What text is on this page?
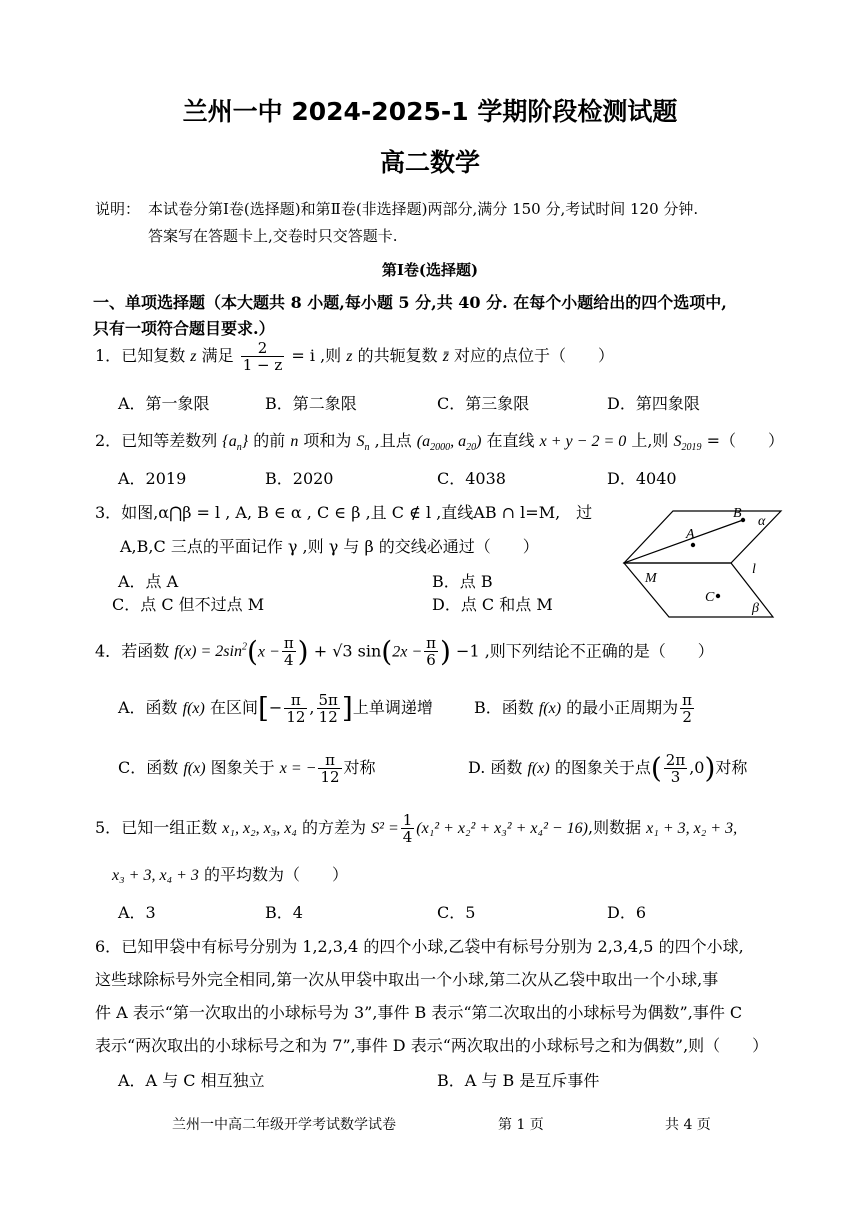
兰州一中 2024-2025-1 学期阶段检测试题
高二数学
说明： 本试卷分第Ⅰ卷(选择题)和第Ⅱ卷(非选择题)两部分,满分 150 分,考试时间 120 分钟.
答案写在答题卡上,交卷时只交答题卡.
第Ⅰ卷(选择题)
一、单项选择题（本大题共 8 小题,每小题 5 分,共 40 分. 在每个小题给出的四个选项中,
只有一项符合题目要求.）
1．已知复数 z 满足 $\frac{2}{1 - z} = i$ ,则 z 的共轭复数 z̄ 对应的点位于（　　）
A．第一象限	B．第二象限	C．第三象限	D．第四象限
2．已知等差数列 $\{a_n\}$ 的前 n 项和为 $S_n$ ,且点 ($a_{2000}$, $a_{20}$) 在直线 x + y − 2 = 0 上,则 $S_{2019}$ =（　　）
A．2019	B．2020	C．4038	D．4040
3．如图,α⋂β = l , A, B ∈ α , C ∈ β ,且 C ∉ l ,直线AB ∩ l=M,　过
A,B,C 三点的平面记作 γ ,则 γ 与 β 的交线必通过（　　）
A．点 A	B．点 B
C．点 C 但不过点 M	D．点 C 和点 M
A
B
α
M
l
C
β
4．若函数 $f(x) = 2\sin^2(x - \frac{\pi}{4}$ ) + √3 $\sin(2x - \frac{\pi}{6}$ ) −1 ,则下列结论不正确的是（　　）
A．函数 f(x) 在区间[− $\frac{\pi}{12}$ , $\frac{5\pi}{12}$ ]上单调递增	B．函数 f(x) 的最小正周期为 $\frac{\pi}{2}$
C．函数 f(x) 图象关于 x = − $\frac{\pi}{12}$ 对称	D. 函数 f(x) 的图象关于点( $\frac{2\pi}{3} ,0$)对称
5．已知一组正数 x₁, x₂, x₃, x₄ 的方差为 $S^2 = \frac{1}{4} (x_1^2 + x_2^2 + x_3^2 + x_4^2 - 16)$,则数据 x₁ + 3, x₂ + 3,
x₃ + 3, x₄ + 3 的平均数为（　　）
A．3	B．4	C．5	D．6
6．已知甲袋中有标号分别为 1,2,3,4 的四个小球,乙袋中有标号分别为 2,3,4,5 的四个小球,
这些球除标号外完全相同,第一次从甲袋中取出一个小球,第二次从乙袋中取出一个小球,事
件 A 表示“第一次取出的小球标号为 3”,事件 B 表示“第二次取出的小球标号为偶数”,事件 C
表示“两次取出的小球标号之和为 7”,事件 D 表示“两次取出的小球标号之和为偶数”,则（　　）
A．A 与 C 相互独立	B．A 与 B 是互斥事件
兰州一中高二年级开学考试数学试卷	第 1 页	共 4 页
